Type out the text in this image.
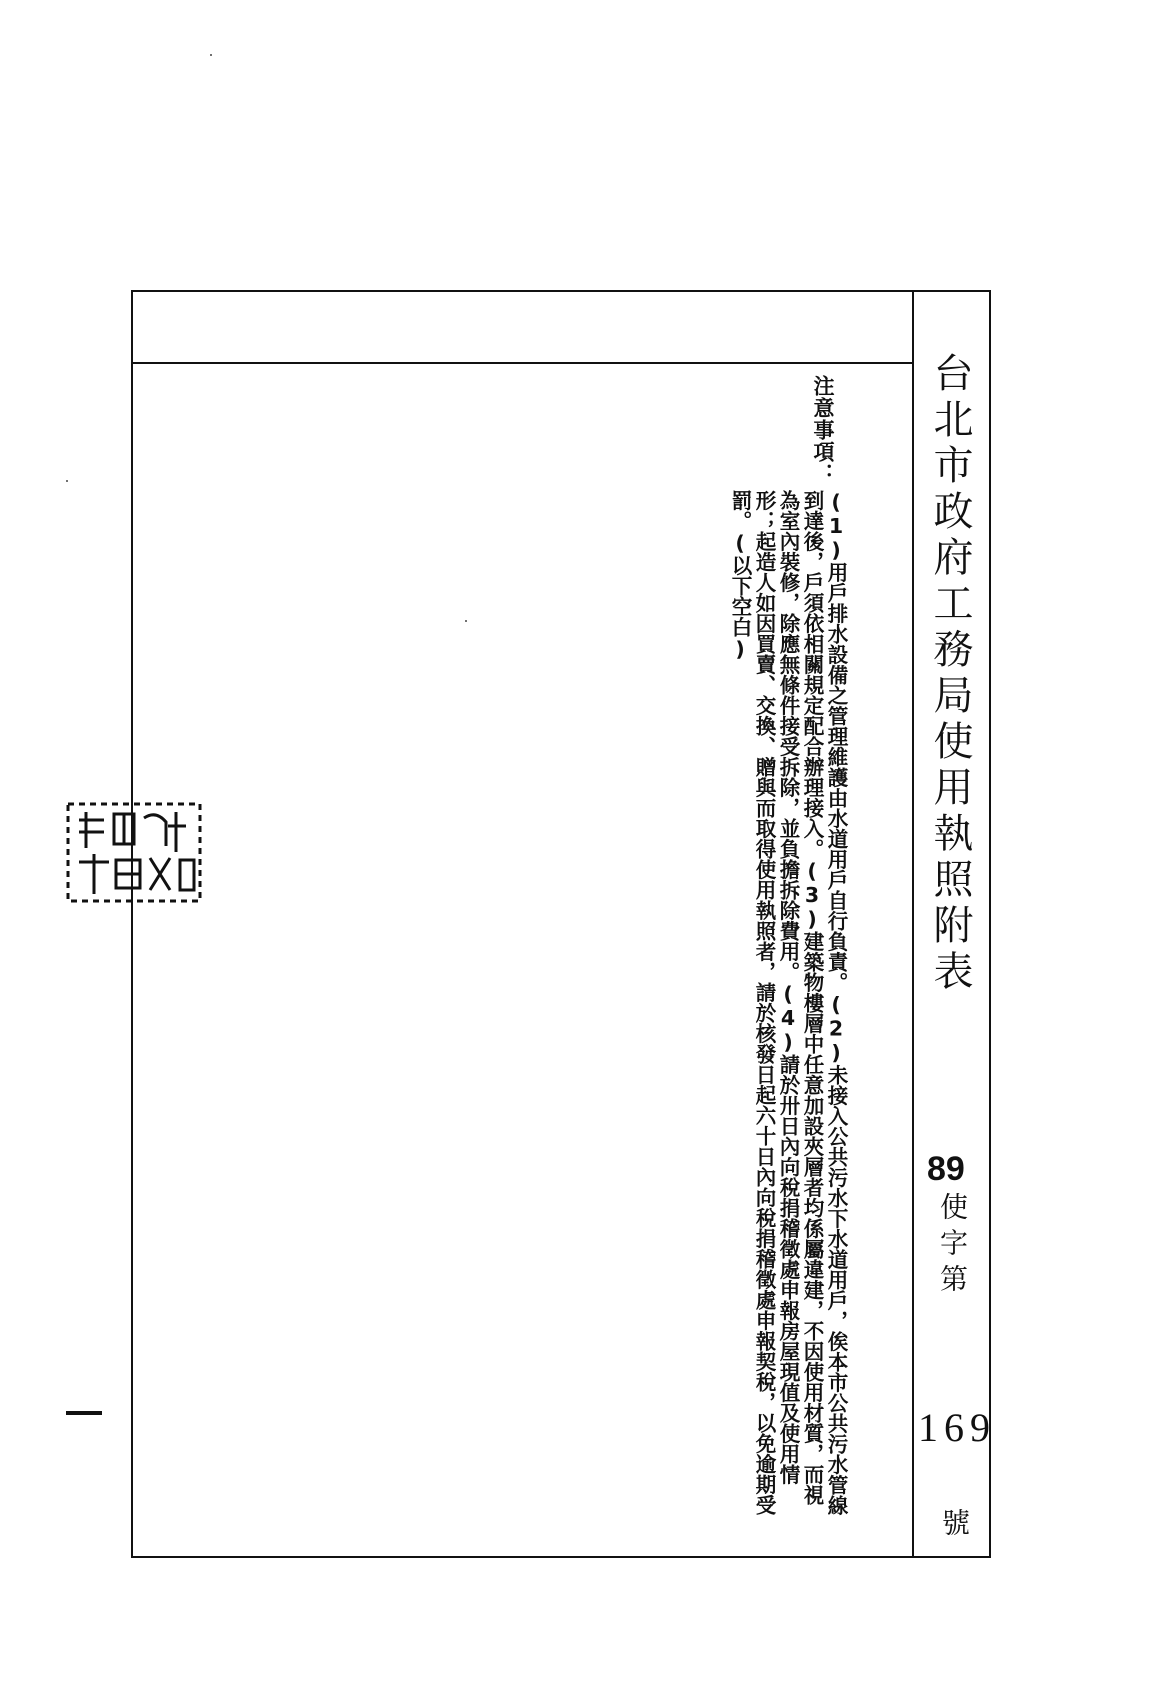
台北市政府工務局使用執照附表
89
使字第
169
號
注意事項：
(1)用戶排水設備之管理維護由水道用戶自行負責。(2)未接入公共污水下水道用戶，俟本市公共污水管線到達後，戶須依相關規定配合辦理接入。(3)建築物樓層中任意加設夾層者均係屬違建，不因使用材質，而視為室內裝修，除應無條件接受拆除，並負擔拆除費用。(4)請於卅日內向稅捐稽徵處申報房屋現值及使用情形；起造人如因買賣、交換、贈與而取得使用執照者，請於核發日起六十日內向稅捐稽徵處申報契稅，以免逾期受罰。(以下空白)
